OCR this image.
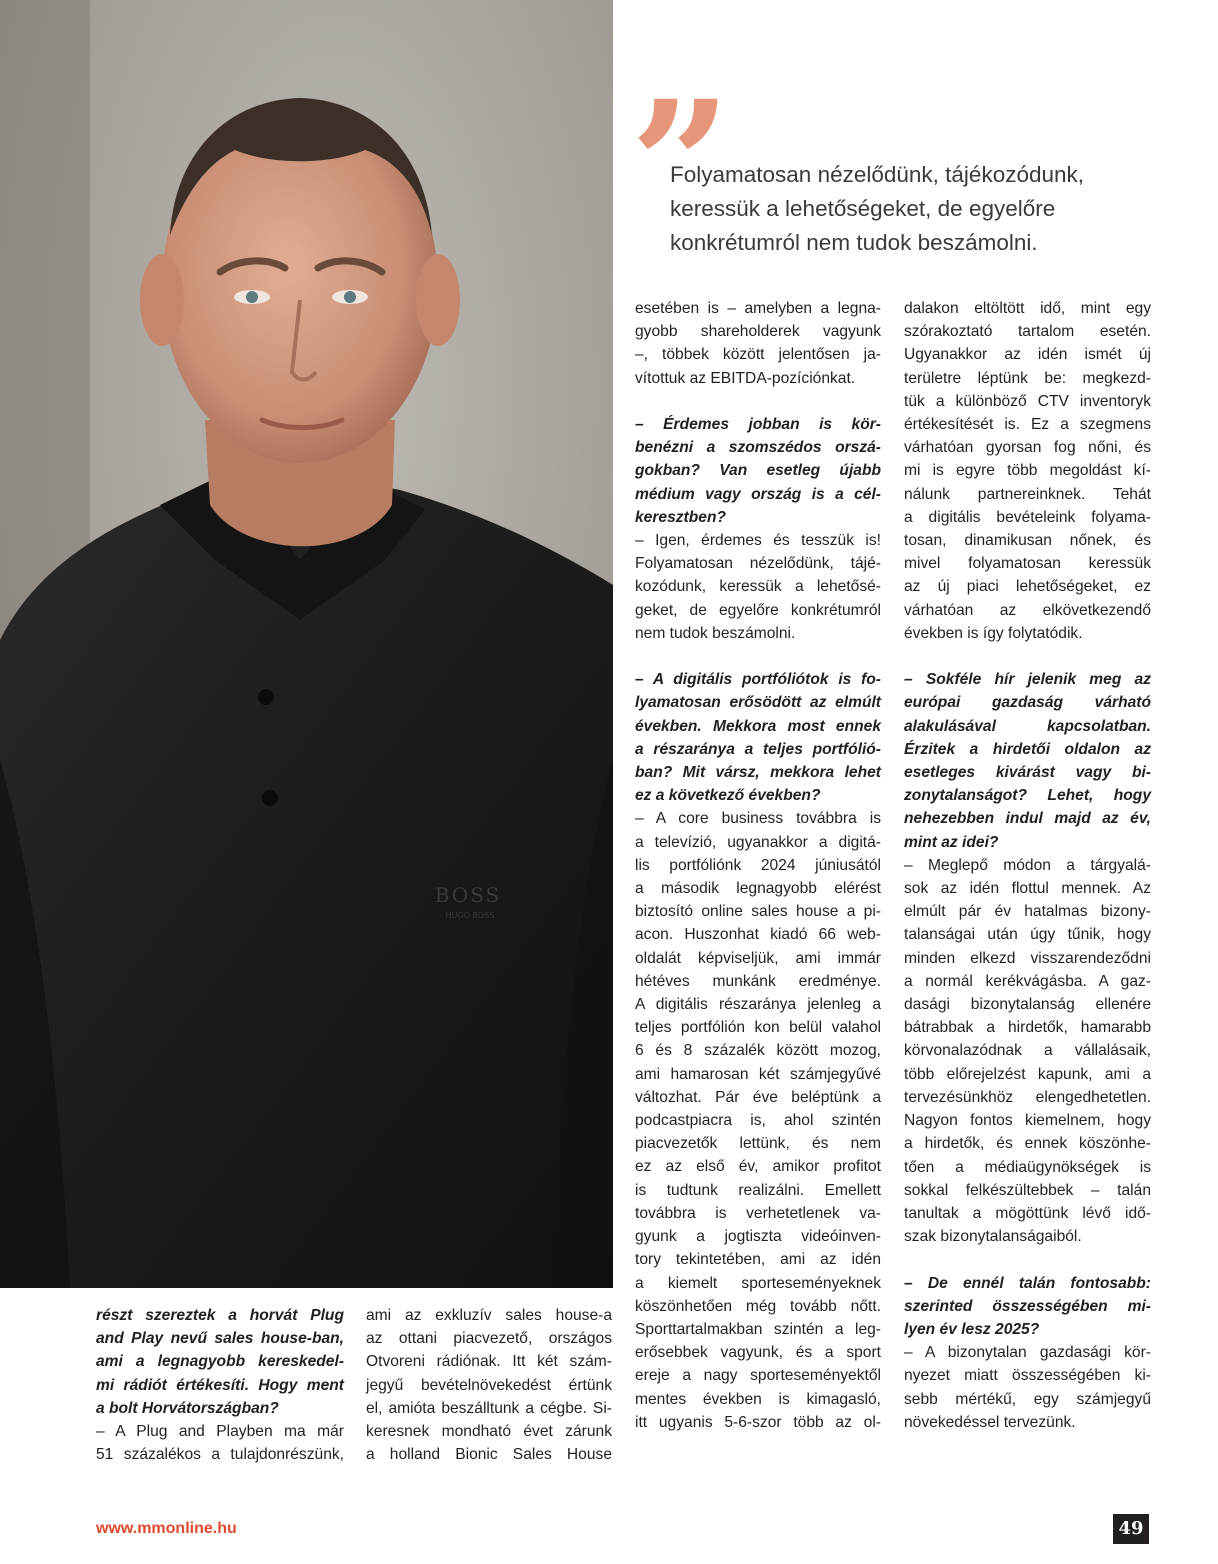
BOSS
HUGO BOSS
”
Folyamatosan nézelődünk, tájékozódunk,
keressük a lehetőségeket, de egyelőre
konkrétumról nem tudok beszámolni.
részt szereztek a horvát Plug
and Play nevű sales house-ban,
ami a legnagyobb kereskedel-
mi rádiót értékesíti. Hogy ment
a bolt Horvátországban?
– A Plug and Playben ma már
51 százalékos a tulajdonrészünk,
ami az exkluzív sales house-a
az ottani piacvezető, országos
Otvoreni rádiónak. Itt két szám-
jegyű bevételnövekedést értünk
el, amióta beszálltunk a cégbe. Si-
keresnek mondható évet zárunk
a holland Bionic Sales House
esetében is – amelyben a legna-
gyobb shareholderek vagyunk
–, többek között jelentősen ja-
vítottuk az EBITDA-pozíciónkat.
– Érdemes jobban is kör-
benézni a szomszédos orszá-
gokban? Van esetleg újabb
médium vagy ország is a cél-
keresztben?
– Igen, érdemes és tesszük is!
Folyamatosan nézelődünk, tájé-
kozódunk, keressük a lehetősé-
geket, de egyelőre konkrétumról
nem tudok beszámolni.
– A digitális portfóliótok is fo-
lyamatosan erősödött az elmúlt
években. Mekkora most ennek
a részaránya a teljes portfólió-
ban? Mit vársz, mekkora lehet
ez a következő években?
– A core business továbbra is
a televízió, ugyanakkor a digitá-
lis portfóliónk 2024 júniusától
a második legnagyobb elérést
biztosító online sales house a pi-
acon. Huszonhat kiadó 66 web-
oldalát képviseljük, ami immár
hétéves munkánk eredménye.
A digitális részaránya jelenleg a
teljes portfólión kon belül valahol
6 és 8 százalék között mozog,
ami hamarosan két számjegyűvé
változhat. Pár éve beléptünk a
podcastpiacra is, ahol szintén
piacvezetők lettünk, és nem
ez az első év, amikor profitot
is tudtunk realizálni. Emellett
továbbra is verhetetlenek va-
gyunk a jogtiszta videóinven-
tory tekintetében, ami az idén
a kiemelt sporteseményeknek
köszönhetően még tovább nőtt.
Sporttartalmakban szintén a leg-
erősebbek vagyunk, és a sport
ereje a nagy sporteseményektől
mentes években is kimagasló,
itt ugyanis 5-6-szor több az ol-
dalakon eltöltött idő, mint egy
szórakoztató tartalom esetén.
Ugyanakkor az idén ismét új
területre léptünk be: megkezd-
tük a különböző CTV inventoryk
értékesítését is. Ez a szegmens
várhatóan gyorsan fog nőni, és
mi is egyre több megoldást kí-
nálunk partnereinknek. Tehát
a digitális bevételeink folyama-
tosan, dinamikusan nőnek, és
mivel folyamatosan keressük
az új piaci lehetőségeket, ez
várhatóan az elkövetkezendő
években is így folytatódik.
– Sokféle hír jelenik meg az
európai gazdaság várható
alakulásával kapcsolatban.
Érzitek a hirdetői oldalon az
esetleges kivárást vagy bi-
zonytalanságot? Lehet, hogy
nehezebben indul majd az év,
mint az idei?
– Meglepő módon a tárgyalá-
sok az idén flottul mennek. Az
elmúlt pár év hatalmas bizony-
talanságai után úgy tűnik, hogy
minden elkezd visszarendeződni
a normál kerékvágásba. A gaz-
dasági bizonytalanság ellenére
bátrabbak a hirdetők, hamarabb
körvonalazódnak a vállalásaik,
több előrejelzést kapunk, ami a
tervezésünkhöz elengedhetetlen.
Nagyon fontos kiemelnem, hogy
a hirdetők, és ennek köszönhe-
tően a médiaügynökségek is
sokkal felkészültebbek – talán
tanultak a mögöttünk lévő idő-
szak bizonytalanságaiból.
– De ennél talán fontosabb:
szerinted összességében mi-
lyen év lesz 2025?
– A bizonytalan gazdasági kör-
nyezet miatt összességében ki-
sebb mértékű, egy számjegyű
növekedéssel tervezünk.
www.mmonline.hu	49
